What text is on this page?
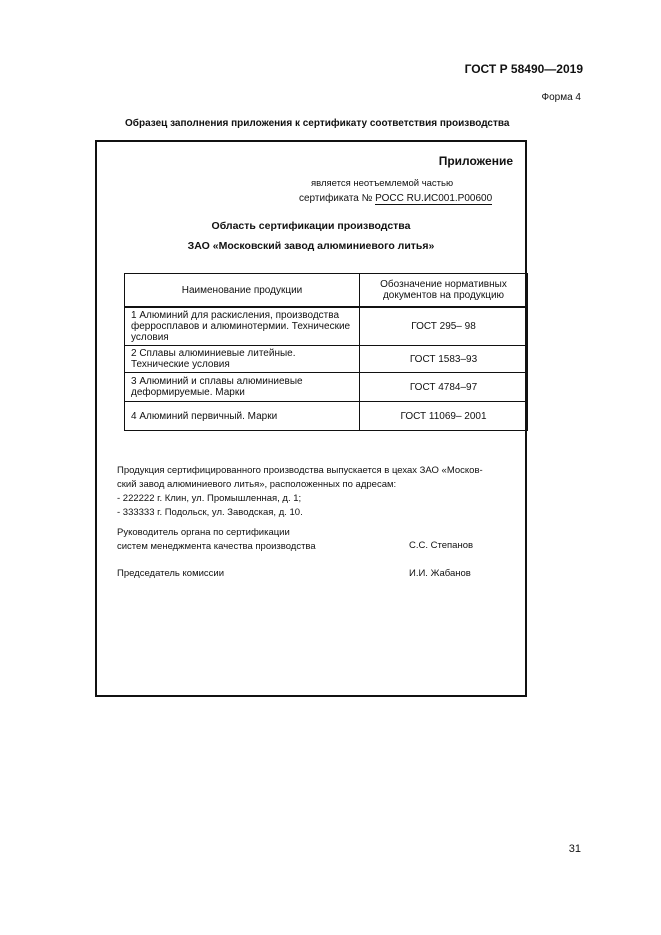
ГОСТ Р 58490—2019
Форма 4
Образец заполнения приложения к сертификату соответствия производства
Приложение
является неотъемлемой частью
сертификата № РОСС RU.ИС001.Р00600
Область сертификации производства
ЗАО «Московский завод алюминиевого литья»
Наименование продукции	Обозначение нормативных документов на продукцию
1 Алюминий для раскисления, производства ферросплавов и алюминотермии. Технические условия	ГОСТ 295– 98
2 Сплавы алюминиевые литейные. Технические условия	ГОСТ 1583–93
3 Алюминий и сплавы алюминиевые деформируемые. Марки	ГОСТ 4784–97
4 Алюминий первичный. Марки	ГОСТ 11069– 2001
Продукция сертифицированного производства выпускается в цехах ЗАО «Москов-
ский завод алюминиевого литья», расположенных по адресам:
- 222222 г. Клин, ул. Промышленная, д. 1;
- 333333 г. Подольск, ул. Заводская, д. 10.
Руководитель органа по сертификации
систем менеджмента качества производства	С.С. Степанов
Председатель комиссии	И.И. Жабанов
31
